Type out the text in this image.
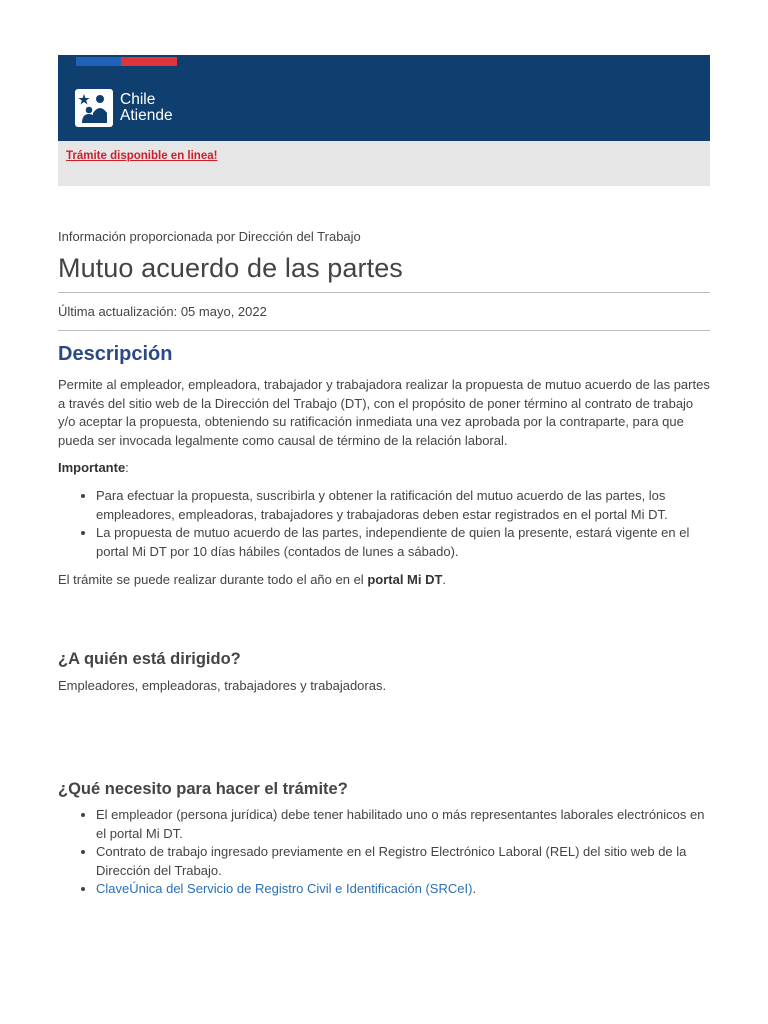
Chile
Atiende
Trámite disponible en linea!
Información proporcionada por Dirección del Trabajo
Mutuo acuerdo de las partes
Última actualización: 05 mayo, 2022
Descripción

Permite al empleador, empleadora, trabajador y trabajadora realizar la propuesta de mutuo acuerdo de las partes a través del sitio web de la Dirección del Trabajo (DT), con el propósito de poner término al contrato de trabajo y/o aceptar la propuesta, obteniendo su ratificación inmediata una vez aprobada por la contraparte, para que pueda ser invocada legalmente como causal de término de la relación laboral.

Importante:

• Para efectuar la propuesta, suscribirla y obtener la ratificación del mutuo acuerdo de las partes, los empleadores, empleadoras, trabajadores y trabajadoras deben estar registrados en el portal Mi DT.
• La propuesta de mutuo acuerdo de las partes, independiente de quien la presente, estará vigente en el portal Mi DT por 10 días hábiles (contados de lunes a sábado).

El trámite se puede realizar durante todo el año en el portal Mi DT.

¿A quién está dirigido?

Empleadores, empleadoras, trabajadores y trabajadoras.

¿Qué necesito para hacer el trámite?
• El empleador (persona jurídica) debe tener habilitado uno o más representantes laborales electrónicos en el portal Mi DT.
• Contrato de trabajo ingresado previamente en el Registro Electrónico Laboral (REL) del sitio web de la Dirección del Trabajo.
• ClaveÚnica del Servicio de Registro Civil e Identificación (SRCeI).
